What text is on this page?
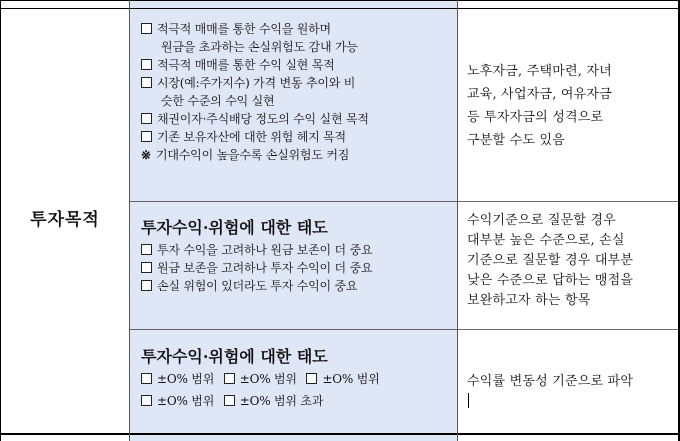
투자목적
적극적 매매를 통한 수익을 원하며
원금을 초과하는 손실위험도 감내 가능
적극적 매매를 통한 수익 실현 목적
시장(예:주가지수) 가격 변동 추이와 비
슷한 수준의 수익 실현
채권이자·주식배당 정도의 수익 실현 목적
기존 보유자산에 대한 위험 헤지 목적
※ 기대수익이 높을수록 손실위험도 커짐
노후자금, 주택마련, 자녀
교육, 사업자금, 여유자금
등 투자자금의 성격으로
구분할 수도 있음
투자수익·위험에 대한 태도
투자 수익을 고려하나 원금 보존이 더 중요
원금 보존을 고려하나 투자 수익이 더 중요
손실 위험이 있더라도 투자 수익이 중요
수익기준으로 질문할 경우
대부분 높은 수준으로, 손실
기준으로 질문할 경우 대부분
낮은 수준으로 답하는 맹점을
보완하고자 하는 항목
투자수익·위험에 대한 태도
±O% 범위 ±O% 범위 ±O% 범위
±O% 범위 ±O% 범위 초과
수익률 변동성 기준으로 파악
